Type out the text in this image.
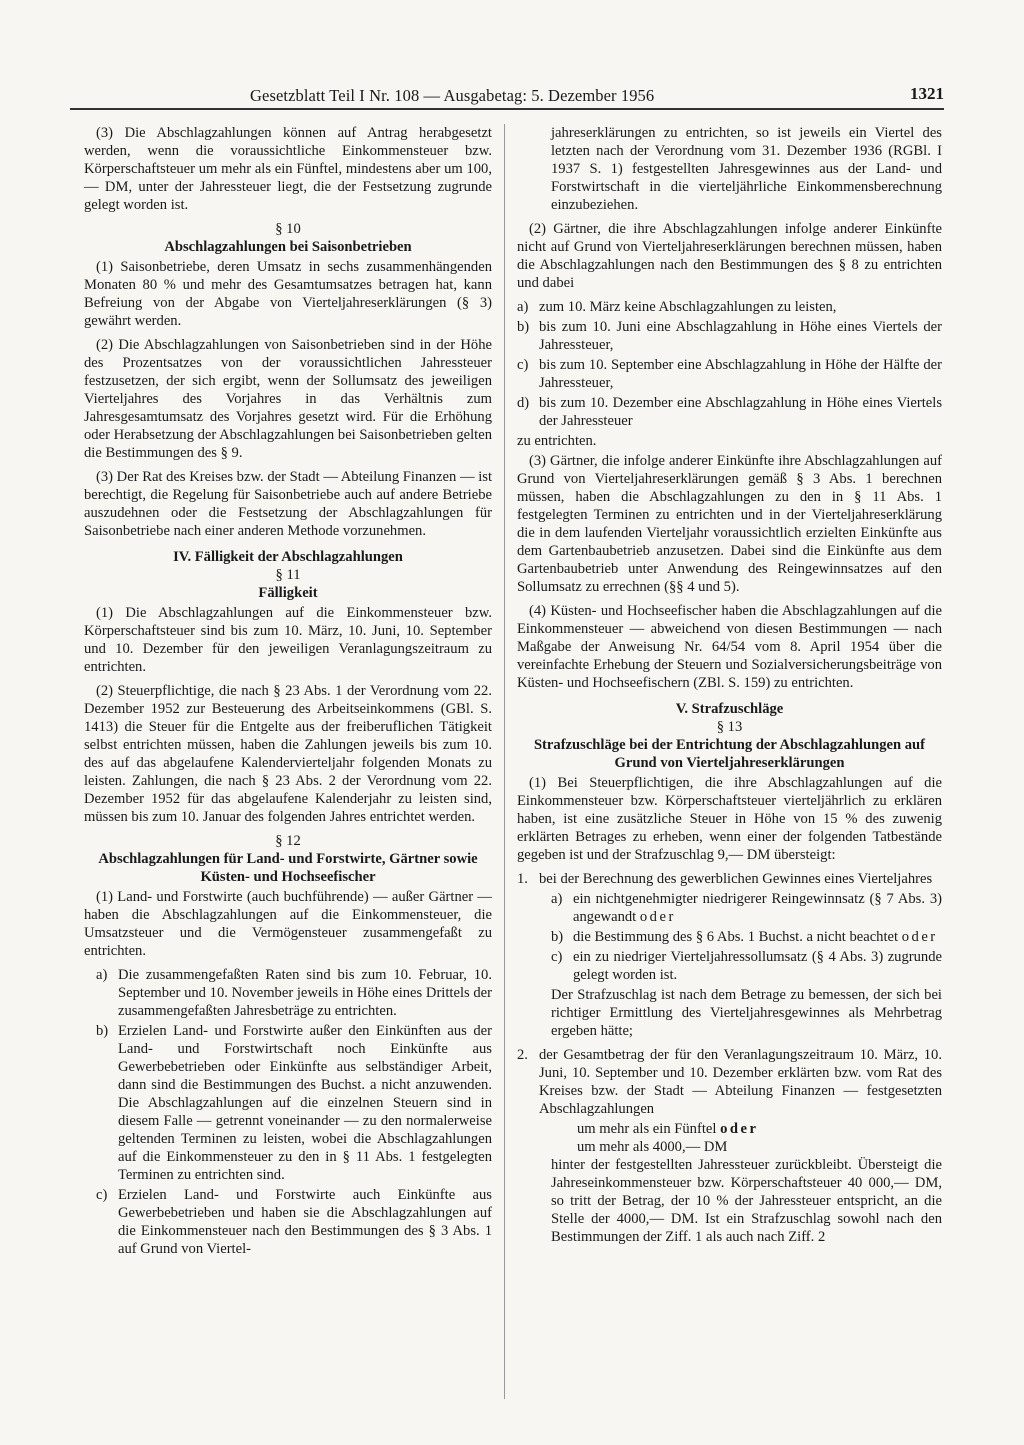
Gesetzblatt Teil I Nr. 108 — Ausgabetag: 5. Dezember 1956	1321

(3) Die Abschlagzahlungen können auf Antrag herabgesetzt werden, wenn die voraussichtliche Einkommensteuer bzw. Körperschaftsteuer um mehr als ein Fünftel, mindestens aber um 100,— DM, unter der Jahressteuer liegt, die der Festsetzung zugrunde gelegt worden ist.

§ 10
Abschlagzahlungen bei Saisonbetrieben

(1) Saisonbetriebe, deren Umsatz in sechs zusammenhängenden Monaten 80 % und mehr des Gesamtumsatzes betragen hat, kann Befreiung von der Abgabe von Vierteljahreserklärungen (§ 3) gewährt werden.

(2) Die Abschlagzahlungen von Saisonbetrieben sind in der Höhe des Prozentsatzes von der voraussichtlichen Jahressteuer festzusetzen, der sich ergibt, wenn der Sollumsatz des jeweiligen Vierteljahres des Vorjahres in das Verhältnis zum Jahresgesamtumsatz des Vorjahres gesetzt wird. Für die Erhöhung oder Herabsetzung der Abschlagzahlungen bei Saisonbetrieben gelten die Bestimmungen des § 9.

(3) Der Rat des Kreises bzw. der Stadt — Abteilung Finanzen — ist berechtigt, die Regelung für Saisonbetriebe auch auf andere Betriebe auszudehnen oder die Festsetzung der Abschlagzahlungen für Saisonbetriebe nach einer anderen Methode vorzunehmen.

IV. Fälligkeit der Abschlagzahlungen
§ 11
Fälligkeit

(1) Die Abschlagzahlungen auf die Einkommensteuer bzw. Körperschaftsteuer sind bis zum 10. März, 10. Juni, 10. September und 10. Dezember für den jeweiligen Veranlagungszeitraum zu entrichten.

(2) Steuerpflichtige, die nach § 23 Abs. 1 der Verordnung vom 22. Dezember 1952 zur Besteuerung des Arbeitseinkommens (GBl. S. 1413) die Steuer für die Entgelte aus der freiberuflichen Tätigkeit selbst entrichten müssen, haben die Zahlungen jeweils bis zum 10. des auf das abgelaufene Kalendervierteljahr folgenden Monats zu leisten. Zahlungen, die nach § 23 Abs. 2 der Verordnung vom 22. Dezember 1952 für das abgelaufene Kalenderjahr zu leisten sind, müssen bis zum 10. Januar des folgenden Jahres entrichtet werden.

§ 12
Abschlagzahlungen für Land- und Forstwirte, Gärtner sowie Küsten- und Hochseefischer

(1) Land- und Forstwirte (auch buchführende) — außer Gärtner — haben die Abschlagzahlungen auf die Einkommensteuer, die Umsatzsteuer und die Vermögensteuer zusammengefaßt zu entrichten.

a) Die zusammengefaßten Raten sind bis zum 10. Februar, 10. September und 10. November jeweils in Höhe eines Drittels der zusammengefaßten Jahresbeträge zu entrichten.
b) Erzielen Land- und Forstwirte außer den Einkünften aus der Land- und Forstwirtschaft noch Einkünfte aus Gewerbebetrieben oder Einkünfte aus selbständiger Arbeit, dann sind die Bestimmungen des Buchst. a nicht anzuwenden. Die Abschlagzahlungen auf die einzelnen Steuern sind in diesem Falle — getrennt voneinander — zu den normalerweise geltenden Terminen zu leisten, wobei die Abschlagzahlungen auf die Einkommensteuer zu den in § 11 Abs. 1 festgelegten Terminen zu entrichten sind.
c) Erzielen Land- und Forstwirte auch Einkünfte aus Gewerbebetrieben und haben sie die Abschlagzahlungen auf die Einkommensteuer nach den Bestimmungen des § 3 Abs. 1 auf Grund von Viertel-

jahreserklärungen zu entrichten, so ist jeweils ein Viertel des letzten nach der Verordnung vom 31. Dezember 1936 (RGBl. I 1937 S. 1) festgestellten Jahresgewinnes aus der Land- und Forstwirtschaft in die vierteljährliche Einkommensberechnung einzubeziehen.

(2) Gärtner, die ihre Abschlagzahlungen infolge anderer Einkünfte nicht auf Grund von Vierteljahreserklärungen berechnen müssen, haben die Abschlagzahlungen nach den Bestimmungen des § 8 zu entrichten und dabei

a) zum 10. März keine Abschlagzahlungen zu leisten,
b) bis zum 10. Juni eine Abschlagzahlung in Höhe eines Viertels der Jahressteuer,
c) bis zum 10. September eine Abschlagzahlung in Höhe der Hälfte der Jahressteuer,
d) bis zum 10. Dezember eine Abschlagzahlung in Höhe eines Viertels der Jahressteuer

zu entrichten.

(3) Gärtner, die infolge anderer Einkünfte ihre Abschlagzahlungen auf Grund von Vierteljahreserklärungen gemäß § 3 Abs. 1 berechnen müssen, haben die Abschlagzahlungen zu den in § 11 Abs. 1 festgelegten Terminen zu entrichten und in der Vierteljahreserklärung die in dem laufenden Vierteljahr voraussichtlich erzielten Einkünfte aus dem Gartenbaubetrieb anzusetzen. Dabei sind die Einkünfte aus dem Gartenbaubetrieb unter Anwendung des Reingewinnsatzes auf den Sollumsatz zu errechnen (§§ 4 und 5).

(4) Küsten- und Hochseefischer haben die Abschlagzahlungen auf die Einkommensteuer — abweichend von diesen Bestimmungen — nach Maßgabe der Anweisung Nr. 64/54 vom 8. April 1954 über die vereinfachte Erhebung der Steuern und Sozialversicherungsbeiträge von Küsten- und Hochseefischern (ZBl. S. 159) zu entrichten.

V. Strafzuschläge
§ 13
Strafzuschläge bei der Entrichtung der Abschlagzahlungen auf Grund von Vierteljahreserklärungen

(1) Bei Steuerpflichtigen, die ihre Abschlagzahlungen auf die Einkommensteuer bzw. Körperschaftsteuer vierteljährlich zu erklären haben, ist eine zusätzliche Steuer in Höhe von 15 % des zuwenig erklärten Betrages zu erheben, wenn einer der folgenden Tatbestände gegeben ist und der Strafzuschlag 9,— DM übersteigt:

1. bei der Berechnung des gewerblichen Gewinnes eines Vierteljahres
a) ein nichtgenehmigter niedrigerer Reingewinnsatz (§ 7 Abs. 3) angewandt oder
b) die Bestimmung des § 6 Abs. 1 Buchst. a nicht beachtet oder
c) ein zu niedriger Vierteljahressollumsatz (§ 4 Abs. 3) zugrunde gelegt worden ist.

Der Strafzuschlag ist nach dem Betrage zu bemessen, der sich bei richtiger Ermittlung des Vierteljahresgewinnes als Mehrbetrag ergeben hätte;

2. der Gesamtbetrag der für den Veranlagungszeitraum 10. März, 10. Juni, 10. September und 10. Dezember erklärten bzw. vom Rat des Kreises bzw. der Stadt — Abteilung Finanzen — festgesetzten Abschlagzahlungen
um mehr als ein Fünftel oder
um mehr als 4000,— DM

hinter der festgestellten Jahressteuer zurückbleibt. Übersteigt die Jahreseinkommensteuer bzw. Körperschaftsteuer 40 000,— DM, so tritt der Betrag, der 10 % der Jahressteuer entspricht, an die Stelle der 4000,— DM. Ist ein Strafzuschlag sowohl nach den Bestimmungen der Ziff. 1 als auch nach Ziff. 2
